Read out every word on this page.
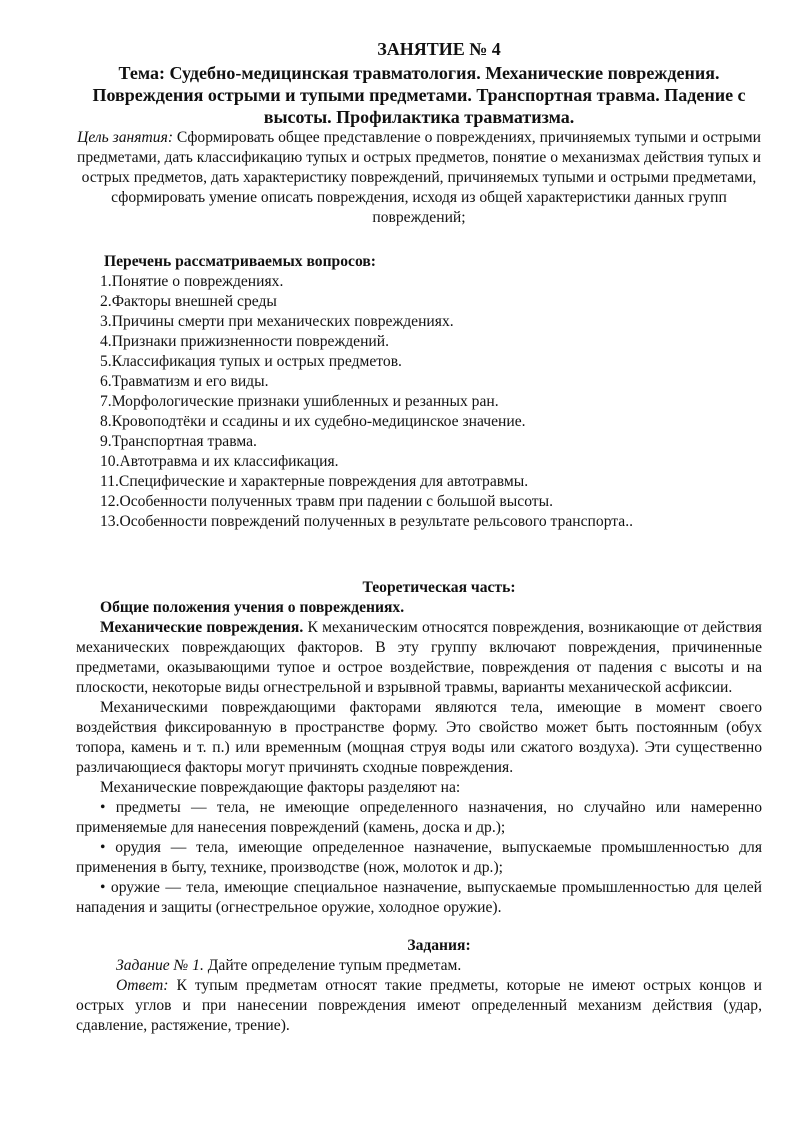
ЗАНЯТИЕ № 4
Тема: Судебно-медицинская травматология. Механические повреждения. Повреждения острыми и тупыми предметами. Транспортная травма. Падение с высоты. Профилактика травматизма.

Цель занятия: Сформировать общее представление о повреждениях, причиняемых тупыми и острыми предметами, дать классификацию тупых и острых предметов, понятие о механизмах действия тупых и острых предметов, дать характеристику повреждений, причиняемых тупыми и острыми предметами, сформировать умение описать повреждения, исходя из общей характеристики данных групп повреждений;

Перечень рассматриваемых вопросов:
1.Понятие о повреждениях.
2.Факторы внешней среды
3.Причины смерти при механических повреждениях.
4.Признаки прижизненности повреждений.
5.Классификация тупых и острых предметов.
6.Травматизм и его виды.
7.Морфологические признаки ушибленных и резанных ран.
8.Кровоподтёки и ссадины и их судебно-медицинское значение.
9.Транспортная травма.
10.Автотравма и их классификация.
11.Специфические и характерные повреждения для автотравмы.
12.Особенности полученных травм при падении с большой высоты.
13.Особенности повреждений полученных в результате рельсового транспорта..
Теоретическая часть:
Общие положения учения о повреждениях.

Механические повреждения. К механическим относятся повреждения, возникающие от действия механических повреждающих факторов. В эту группу включают повреждения, причиненные предметами, оказывающими тупое и острое воздействие, повреждения от падения с высоты и на плоскости, некоторые виды огнестрельной и взрывной травмы, варианты механической асфиксии.

Механическими повреждающими факторами являются тела, имеющие в момент своего воздействия фиксированную в пространстве форму. Это свойство может быть постоянным (обух топора, камень и т. п.) или временным (мощная струя воды или сжатого воздуха). Эти существенно различающиеся факторы могут причинять сходные повреждения.

Механические повреждающие факторы разделяют на:

• предметы — тела, не имеющие определенного назначения, но случайно или намеренно применяемые для нанесения повреждений (камень, доска и др.);

• орудия — тела, имеющие определенное назначение, выпускаемые промышленностью для применения в быту, технике, производстве (нож, молоток и др.);

• оружие — тела, имеющие специальное назначение, выпускаемые промышленностью для целей нападения и защиты (огнестрельное оружие, холодное оружие).

Задания:

Задание № 1. Дайте определение тупым предметам.

Ответ: К тупым предметам относят такие предметы, которые не имеют острых концов и острых углов и при нанесении повреждения имеют определенный механизм действия (удар, сдавление, растяжение, трение).
